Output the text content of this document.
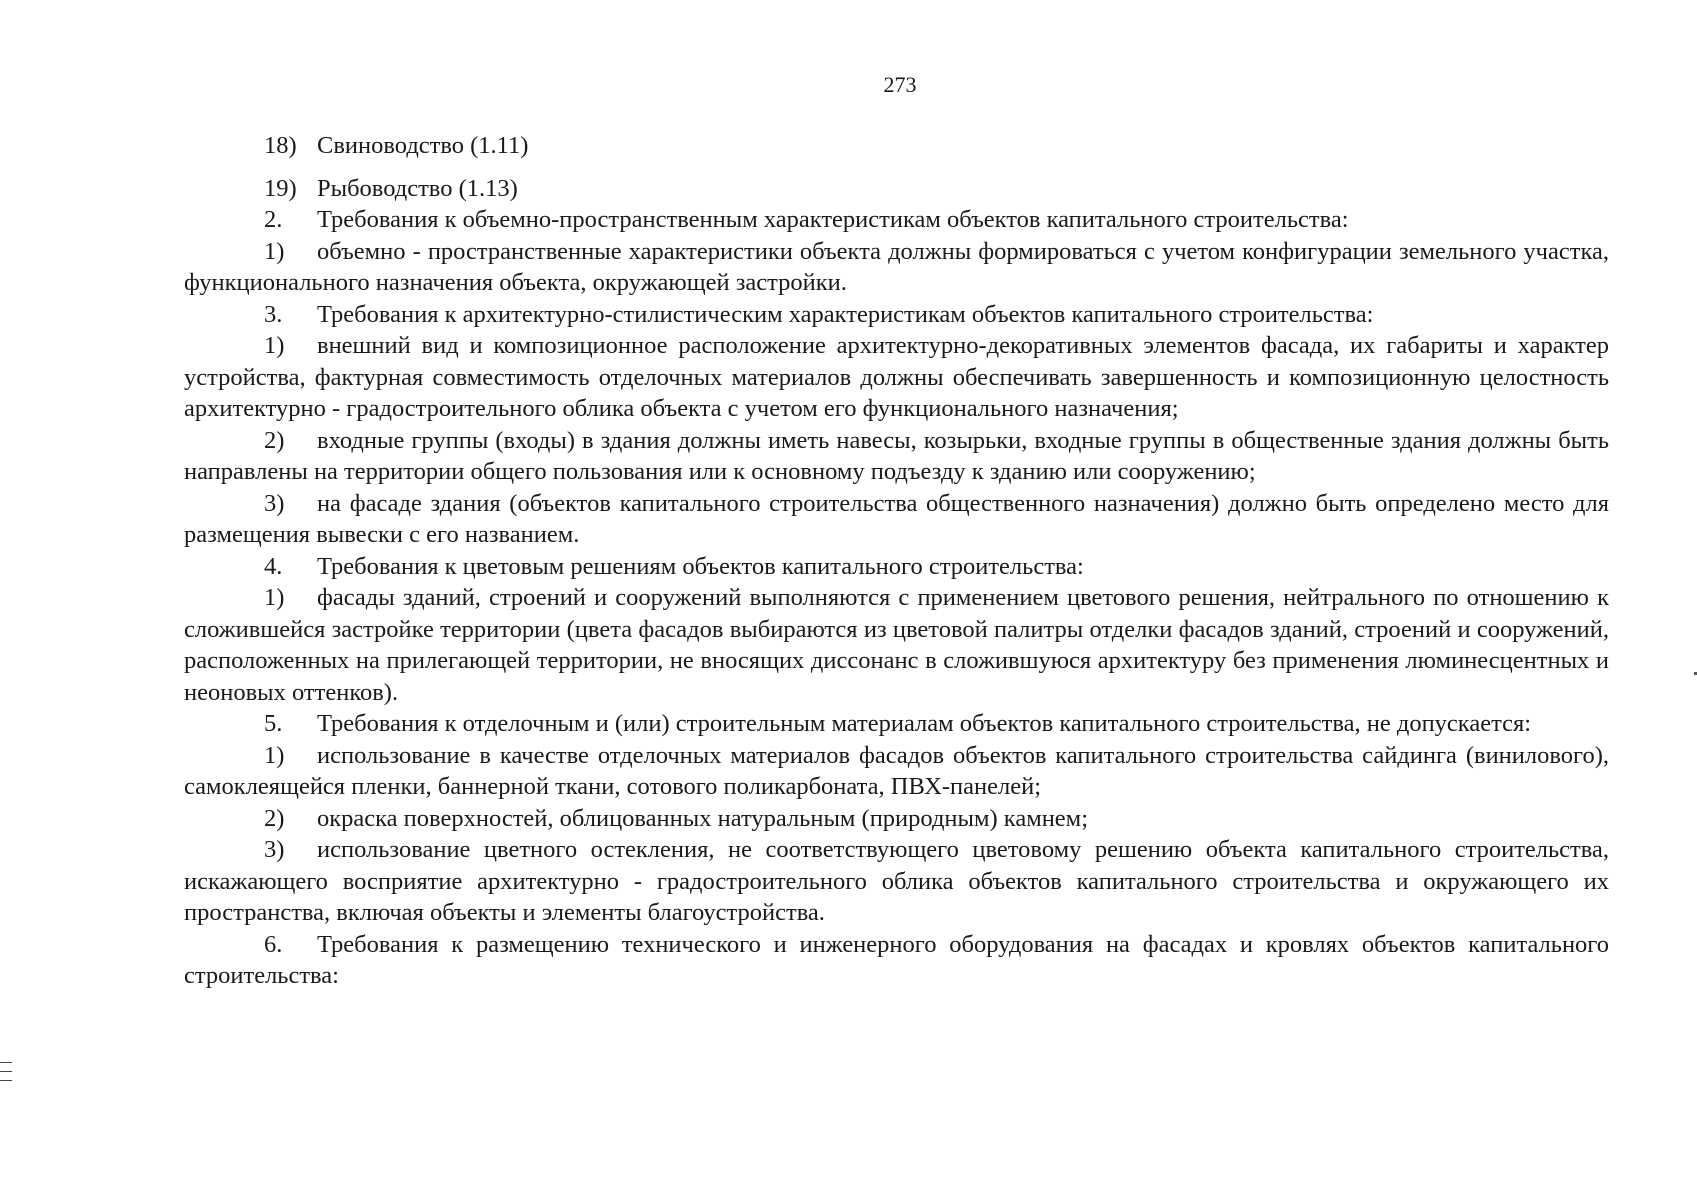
273

18) Свиноводство (1.11)

19) Рыбоводство (1.13)

2. Требования к объемно-пространственным характеристикам объектов капитального строительства:

1) объемно - пространственные характеристики объекта должны формироваться с учетом конфигурации земельного участка, функционального назначения объекта, окружающей застройки.

3. Требования к архитектурно-стилистическим характеристикам объектов капитального строительства:

1) внешний вид и композиционное расположение архитектурно-декоративных элементов фасада, их габариты и характер устройства, фактурная совместимость отделочных материалов должны обеспечивать завершенность и композиционную целостность архитектурно - градостроительного облика объекта с учетом его функционального назначения;

2) входные группы (входы) в здания должны иметь навесы, козырьки, входные группы в общественные здания должны быть направлены на территории общего пользования или к основному подъезду к зданию или сооружению;

3) на фасаде здания (объектов капитального строительства общественного назначения) должно быть определено место для размещения вывески с его названием.

4. Требования к цветовым решениям объектов капитального строительства:

1) фасады зданий, строений и сооружений выполняются с применением цветового решения, нейтрального по отношению к сложившейся застройке территории (цвета фасадов выбираются из цветовой палитры отделки фасадов зданий, строений и сооружений, расположенных на прилегающей территории, не вносящих диссонанс в сложившуюся архитектуру без применения люминесцентных и неоновых оттенков).

5. Требования к отделочным и (или) строительным материалам объектов капитального строительства, не допускается:

1) использование в качестве отделочных материалов фасадов объектов капитального строительства сайдинга (винилового), самоклеящейся пленки, баннерной ткани, сотового поликарбоната, ПВХ-панелей;

2) окраска поверхностей, облицованных натуральным (природным) камнем;

3) использование цветного остекления, не соответствующего цветовому решению объекта капитального строительства, искажающего восприятие архитектурно - градостроительного облика объектов капитального строительства и окружающего их пространства, включая объекты и элементы благоустройства.

6. Требования к размещению технического и инженерного оборудования на фасадах и кровлях объектов капитального строительства:
